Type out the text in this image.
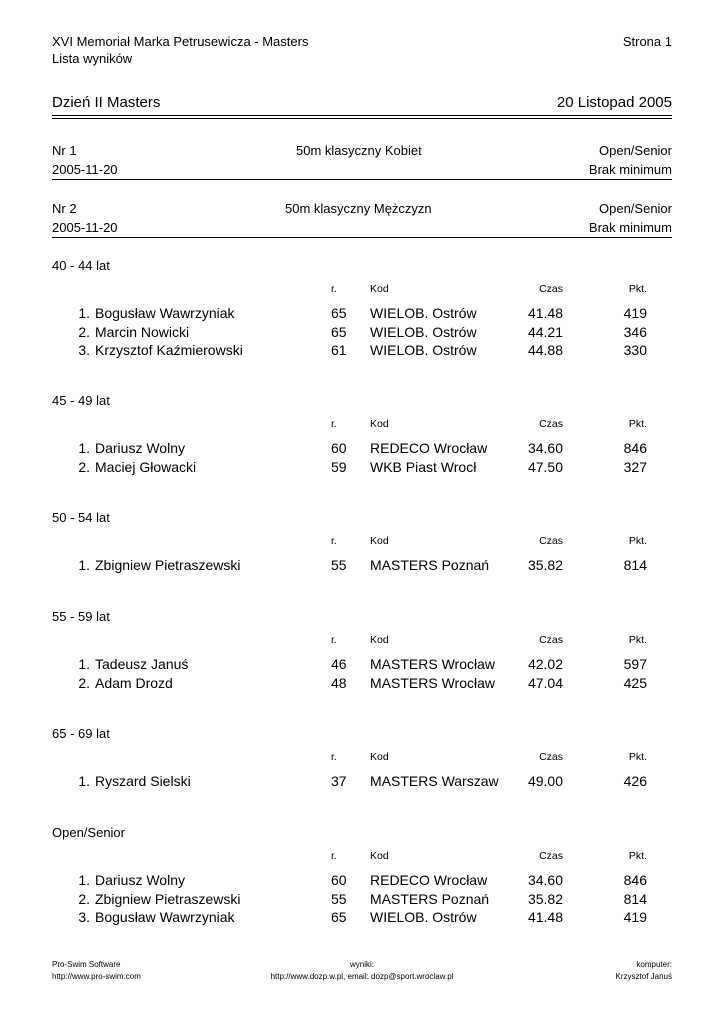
XVI Memoriał Marka Petrusewicza - Masters
Lista wyników
Strona 1
Dzień II Masters	20 Listopad 2005
Nr 1	50m klasyczny Kobiet	Open/Senior
2005-11-20	Brak minimum
Nr 2	50m klasyczny Mężczyzn	Open/Senior
2005-11-20	Brak minimum
40 - 44 lat
r.	Kod	Czas	Pkt.
1. Bogusław Wawrzyniak	65 WIELOB. Ostrów	41.48	419
2. Marcin Nowicki	65 WIELOB. Ostrów	44.21	346
3. Krzysztof Kaźmierowski	61 WIELOB. Ostrów	44.88	330
45 - 49 lat
r.	Kod	Czas	Pkt.
1. Dariusz Wolny	60 REDECO Wrocław	34.60	846
2. Maciej Głowacki	59 WKB Piast Wrocł	47.50	327
50 - 54 lat
r.	Kod	Czas	Pkt.
1. Zbigniew Pietraszewski	55 MASTERS Poznań	35.82	814
55 - 59 lat
r.	Kod	Czas	Pkt.
1. Tadeusz Januś	46 MASTERS Wrocław 42.02	597
2. Adam Drozd	48 MASTERS Wrocław 47.04	425
65 - 69 lat
r.	Kod	Czas	Pkt.
1. Ryszard Sielski	37 MASTERS Warszaw 49.00	426
Open/Senior
r.	Kod	Czas	Pkt.
1. Dariusz Wolny	60 REDECO Wrocław	34.60	846
2. Zbigniew Pietraszewski	55 MASTERS Poznań	35.82	814
3. Bogusław Wawrzyniak	65 WIELOB. Ostrów	41.48	419
Pro-Swim Software
http://www.pro-swim.com
wyniki:
http://www.dozp.w.pl, email: dozp@sport.wroclaw.pl
komputer:
Krzysztof Januś
